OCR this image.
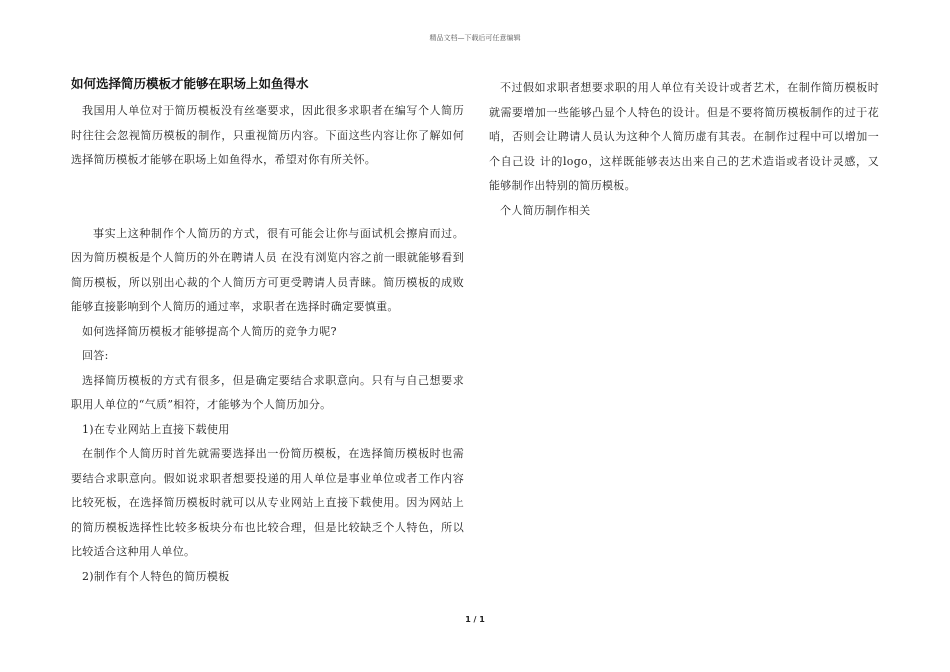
精品文档—下载后可任意编辑
如何选择简历模板才能够在职场上如鱼得水

我国用人单位对于简历模板没有丝毫要求，因此很多求职者在编写个人简历时往往会忽视简历模板的制作，只重视简历内容。下面这些内容让你了解如何选择简历模板才能够在职场上如鱼得水，希望对你有所关怀。

事实上这种制作个人简历的方式，很有可能会让你与面试机会擦肩而过。因为简历模板是个人简历的外在聘请人员 在没有浏览内容之前一眼就能够看到简历模板，所以别出心裁的个人简历方可更受聘请人员青睐。简历模板的成败能够直接影响到个人简历的通过率，求职者在选择时确定要慎重。

如何选择简历模板才能够提高个人简历的竞争力呢?

回答:

选择简历模板的方式有很多，但是确定要结合求职意向。只有与自己想要求职用人单位的“气质”相符，才能够为个人简历加分。

1)在专业网站上直接下载使用

在制作个人简历时首先就需要选择出一份简历模板，在选择简历模板时也需要结合求职意向。假如说求职者想要投递的用人单位是事业单位或者工作内容比较死板，在选择简历模板时就可以从专业网站上直接下载使用。因为网站上的简历模板选择性比较多板块分布也比较合理，但是比较缺乏个人特色，所以比较适合这种用人单位。

2)制作有个人特色的简历模板

不过假如求职者想要求职的用人单位有关设计或者艺术，在制作简历模板时就需要增加一些能够凸显个人特色的设计。但是不要将简历模板制作的过于花哨，否则会让聘请人员认为这种个人简历虚有其表。在制作过程中可以增加一个自己设 计的logo，这样既能够表达出来自己的艺术造诣或者设计灵感，又能够制作出特别的简历模板。

个人简历制作相关

1 / 1
